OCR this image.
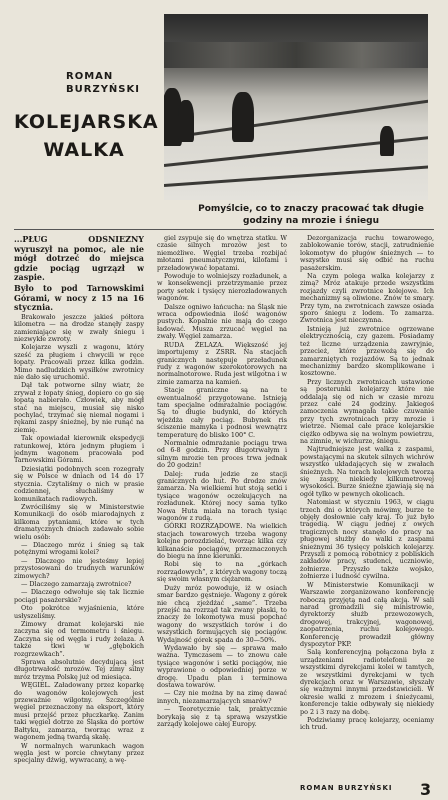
ROMAN

BURZYŃSKI

KOLEJARSKA

WALKA

Pomyślcie, co to znaczy pracować tak długie godziny na mrozie i śniegu

...PŁUG ODŚNIEŻNY wyruszył na pomoc, ale nie mógł dotrzeć do miejsca gdzie pociąg ugrzązł w zaspie.

Było to pod Tarnowskimi Górami, w nocy z 15 na 16 stycznia.

Brakowało jeszcze jakieś półtora kilometra — na drodze stanęły zaspy zamieniające się w zwały śniegu i niezwykłe zwroty.

Kolejarze wyszli z wagonu, który sześć za pługiem i chwycili w ręce łopaty. Pracowali przez kilka godzin. Mimo nadludzkich wysiłków zwrotnicy nie dało się uruchomić.

Dął tak potworne silny wiatr, że zrywał z łopaty śnieg, dopiero co go się łopatą nabierało. Człowiek, aby mógł stać na miejscu, musiał się nisko pochylać, trzymać się niemal nogami i rękami zaspy śnieżnej, by nie runąć na ziemię.

Tak opowiadał kierownik ekspedycji ratunkowej, która jednym pługiem i jednym wagonem pracowała pod Tarnowskimi Górami.

Dziesiątki podobnych scen rozegrały się w Polsce w dniach od 14 do 17 stycznia. Czytaliśmy o nich w prasie codziennej, słuchaliśmy w komunikatach radiowych.

Zwróciliśmy się w Ministerstwie Komunikacji do osób miarodajnych z kilkoma pytaniami, które w tych dramatycznych dniach zadawało sobie wielu osób:

— Dlaczego mróz i śnieg są tak potężnymi wrogami kolei?

— Dlaczego nie jesteśmy lepiej przystosowani do trudnych warunków zimowych?

— Dlaczego zamarzają zwrotnice?

— Dlaczego odwołuje się tak licznie pociągi pasażerskie?

Oto pokrótce wyjaśnienia, które usłyszeliśmy.

Zimowy dramat kolejarski nie zaczyna się od termometru i śniegu. Zaczyna się od węgla i rudy żelaza. A także tkwi w „głębokich rozgrzewkach”.

Sprawa absolutnie decydującą jest długotrwałość mrozów. Tej zimy silny mróz trzyma Polskę już od miesiąca.

WĘGIEL. Załadowany przez koparkę do wagonów kolejowych jest przeważnie wilgotny. Szczególnie węgiel przeznaczony na eksport, który musi przejść przez płuczkarkę. Zanim taki węgiel dotrze ze Śląska do portów Bałtyku, zamarza, tworząc wraz z wagonem jedną twardą skałę.

W normalnych warunkach wagon węgla jest w porcie chwytany przez specjalny dźwig, wywracany, a wę-

giel zsypuje się do wnętrza statku. W czasie silnych mrozów jest to niemożliwe. Węgiel trzeba rozbijać młotami pneumatycznymi, kilofami i przeładowywać łopatami.

Powoduje to wolniejszy rozładunek, a w konsekwencji przetrzymanie przez porty setek i tysięcy nierozładowanych wagonów.

Dalsze ogniwo łańcucha: na Śląsk nie wraca odpowiednia ilość wagonów pustych. Kopalnie nie mają do czego ładować. Musza zrzucać węgiel na zwały. Węgiel zamarza.

RUDA ŻELAZA. Większość jej importujemy z ZSRR. Na stacjach granicznych następuje przeładunek rudy z wagonów szerokotorowych na normalnotorowe. Ruda jest wilgotna i w zimie zamarza na kamień.

Stacje graniczne są na te ewentualność przygotowane. Istnieją tam specjalne odmrażalnie pociągów. Są to długie budynki, do których wjeżdża cały pociąg. Bubynek ris ściszenie mamyka i podnosi wewnątrz temperaturę do blisko 100° C.

Normalnie odmrażanie pociągu trwa od 6-8 godzin. Przy długotrwałym i silnym mrozie ten proces trwa jednak do 20 godzin!

Dalej: ruda jedzie ze stacji granicznych do hut. Po drodze znów zamarza. Na wielkiemi hut stoją setki i tysiące wagonów oczekujących na rozładunek. Której nocy sama tylko Nowa Huta miała na torach tysiąc wagonów z rudą.

GÓRKI ROZRZĄDOWE. Na wielkich stacjach towarowych trzeba wagony kolejne porozdzielać, tworząc kilka czy kilkanaście pociągów, przeznaczonych do biegu na inne kierunki.

Robi się to na „górkach rozrządowych”, z których wagony toczą się swoim własnym ciężarem.

Duży mróz powoduje, iż w osiach smar bardzo gęstnieje. Wagony z górek nie chcą zjeżdżać „same”. Trzeba przejść na rozrząd tak zwany płaski, to znaczy że lokomotywa musi popchać wagony do wszystkich torów i do wszystkich formujących się pociągów. Wydajność górek spada do 30—50%.

Wydawało by się — sprawa mało ważna. Tymczasem — to znowu całe tysiące wagonów i setki pociągów, nie wyprawione o odpowiedniej porze w drogę. Upadu plan i terminowa dostawa towarów.

— Czy nie można by na zimę dawać innych, niezamarzających smarów?

— Teoretycznie tak, praktycznie borykają się z tą sprawą wszystkie zarządy kolejowe całej Europy.

Dezorganizacja ruchu towarowego, zablokowanie torów, stacji, zatrudnienie lokomotyw do pługów śnieżnych — to wszystko musi się odbić na ruchu pasażerskim.

Na czym polega walka kolejarzy z zimą? Mróz atakuje przede wszystkim rozjazdy czyli zwrotnice kolejowe. Ich mechanizmy są oliwione. Znów te smary. Przy tym, na zwrotnicach zawsze osiada sporo śniegu z lodem. To zamarza. Zwrotnica jest nieczynna.

Istnieją już zwrotnice ogrzewane elektrycznością, czy gazem. Posiadamy też liczne urządzenia zawryjnie, przecież, które przewożą się do zamarzniętych rozjazdów. Są to jednak mechanizmy bardzo skomplikowane i kosztowne.

Przy licznych zwrotnicach ustawione są posterunki kolejarzy które nie oddalają się od nich w czasie mrozu przez całe 24 godziny. Jakiegoś zamoczenia wymagała takie czuwanie przy tych zwrotnicach przy mrozie i wietrze. Niemal całe prace kolejarskie ciężko odbywa się na wolnym powietrzu, na zimnie, w wichurze, śniegu.

Najtrudniejsze jest walka z zaspami, powstającymi na skutek silnych wichrów wszystko układających się w zwałach śnieżnych. Na torach kolejowych tworzą się zaspy, niekiedy kilkumetrowej wysokości. Burze śnieżne zjawiają się na ogół tylko w pewnych okolicach.

Natomiast w styczniu 1963, w ciągu trzech dni o których mówimy, burze te objęły dosłownie cały kraj. To już było tragedią. W ciągu jednej z owych tragicznych nocy stanęło do pracy na pługowej służby do walki z zaspami śnieżnymi 36 tysięcy polskich kolejarzy. Przyszli z pomocą robotnicy z pobliskich zakładów pracy, studenci, uczniowie, żołnierze. Przyszło także wojsko, żołnierze i ludność cywilna.

W Ministerstwie Komunikacji w Warszawie zorganizowano konferencję roboczą przyjętą nad całą akcją. W sali narad gromadzili się ministrowie, dyrektorzy służb przewozowych, drogowej, trakcyjnej, wagonowej, zaopatrzenia, ruchu kolejowego. Konferencję prowadził główny dyspozytor PKP.

Salą konferencyjną połączona była z urządzeniami radiotelefonii ze wszystkimi dyrekcjami kolei w tamtych, ze wszystkimi dyrekcjami w tych dyrekcjach oraz w Warszawie, słyszały się ważnymi innymi przedstawicieli. W okresie walki z mrozem i śnieżycami, konferencje takie odbywały się niekiedy po 2 i 3 razy na dobę.

Podziwiamy pracę kolejarzy, oceniamy ich trud.

ROMAN BURZYŃSKI 3
